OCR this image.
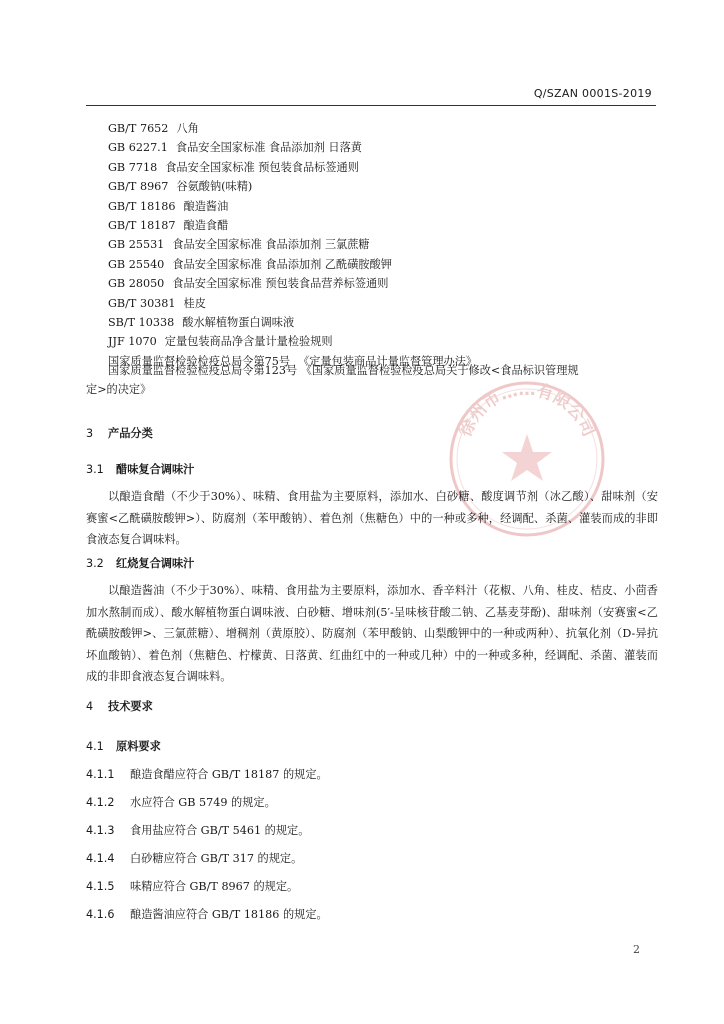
Q/SZAN 0001S-2019
GB/T 7652 八角
GB 6227.1 食品安全国家标准 食品添加剂 日落黄
GB 7718 食品安全国家标准 预包装食品标签通则
GB/T 8967 谷氨酸钠(味精)
GB/T 18186 酿造酱油
GB/T 18187 酿造食醋
GB 25531 食品安全国家标准 食品添加剂 三氯蔗糖
GB 25540 食品安全国家标准 食品添加剂 乙酰磺胺酸钾
GB 28050 食品安全国家标准 预包装食品营养标签通则
GB/T 30381 桂皮
SB/T 10338 酸水解植物蛋白调味液
JJF 1070 定量包装商品净含量计量检验规则
国家质量监督检验检疫总局令第75号 《定量包装商品计量监督管理办法》
国家质量监督检验检疫总局令第123号 《国家质量监督检验检疫总局关于修改<食品标识管理规
定>的决定》
徐州市……有限公司
3 产品分类
3.1 醋味复合调味汁
以酿造食醋（不少于30%）、味精、食用盐为主要原料，添加水、白砂糖、酸度调节剂（冰乙酸）、甜味剂（安赛蜜<乙酰磺胺酸钾>）、防腐剂（苯甲酸钠）、着色剂（焦糖色）中的一种或多种，经调配、杀菌、灌装而成的非即食液态复合调味料。
3.2 红烧复合调味汁
以酿造酱油（不少于30%）、味精、食用盐为主要原料，添加水、香辛料汁（花椒、八角、桂皮、桔皮、小茴香加水熬制而成）、酸水解植物蛋白调味液、白砂糖、增味剂(5′-呈味核苷酸二钠、乙基麦芽酚)、甜味剂（安赛蜜<乙酰磺胺酸钾>、三氯蔗糖）、增稠剂（黄原胶）、防腐剂（苯甲酸钠、山梨酸钾中的一种或两种）、抗氧化剂（D-异抗坏血酸钠）、着色剂（焦糖色、柠檬黄、日落黄、红曲红中的一种或几种）中的一种或多种，经调配、杀菌、灌装而成的非即食液态复合调味料。
4 技术要求
4.1 原料要求
4.1.1 酿造食醋应符合 GB/T 18187 的规定。
4.1.2 水应符合 GB 5749 的规定。
4.1.3 食用盐应符合 GB/T 5461 的规定。
4.1.4 白砂糖应符合 GB/T 317 的规定。
4.1.5 味精应符合 GB/T 8967 的规定。
4.1.6 酿造酱油应符合 GB/T 18186 的规定。
2
